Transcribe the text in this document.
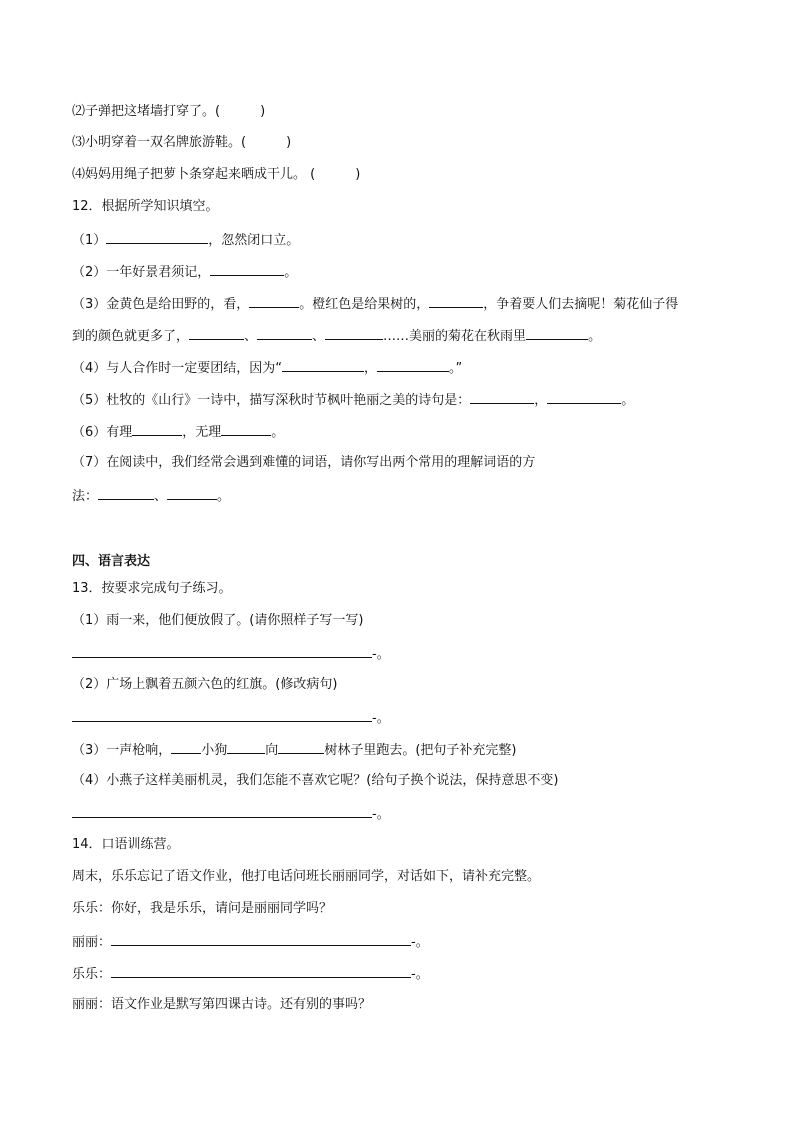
⑵子弹把这堵墙打穿了。(	)
⑶小明穿着一双名牌旅游鞋。(	)
⑷妈妈用绳子把萝卜条穿起来晒成干儿。 (	)
12．根据所学知识填空。
（1）	，忽然闭口立。
（2）一年好景君须记，	。
（3）金黄色是给田野的，看，	。橙红色是给果树的，	，争着要人们去摘呢！菊花仙子得
到的颜色就更多了，	、	、	……美丽的菊花在秋雨里	。
（4）与人合作时一定要团结，因为“	，	。”
（5）杜牧的《山行》一诗中，描写深秋时节枫叶艳丽之美的诗句是：	，	。
（6）有理	，无理	。
（7）在阅读中，我们经常会遇到难懂的词语，请你写出两个常用的理解词语的方
法：	、	。
四、语言表达
13．按要求完成句子练习。
（1）雨一来，他们便放假了。(请你照样子写一写)
-。
（2）广场上飘着五颜六色的红旗。(修改病句)
-。
（3）一声枪响， 小狗	向	树林子里跑去。(把句子补充完整)
（4）小燕子这样美丽机灵，我们怎能不喜欢它呢？(给句子换个说法，保持意思不变)
-。
14．口语训练营。
周末，乐乐忘记了语文作业，他打电话问班长丽丽同学，对话如下，请补充完整。
乐乐：你好，我是乐乐，请问是丽丽同学吗？
丽丽：	-。
乐乐：	-。
丽丽：语文作业是默写第四课古诗。还有别的事吗？
